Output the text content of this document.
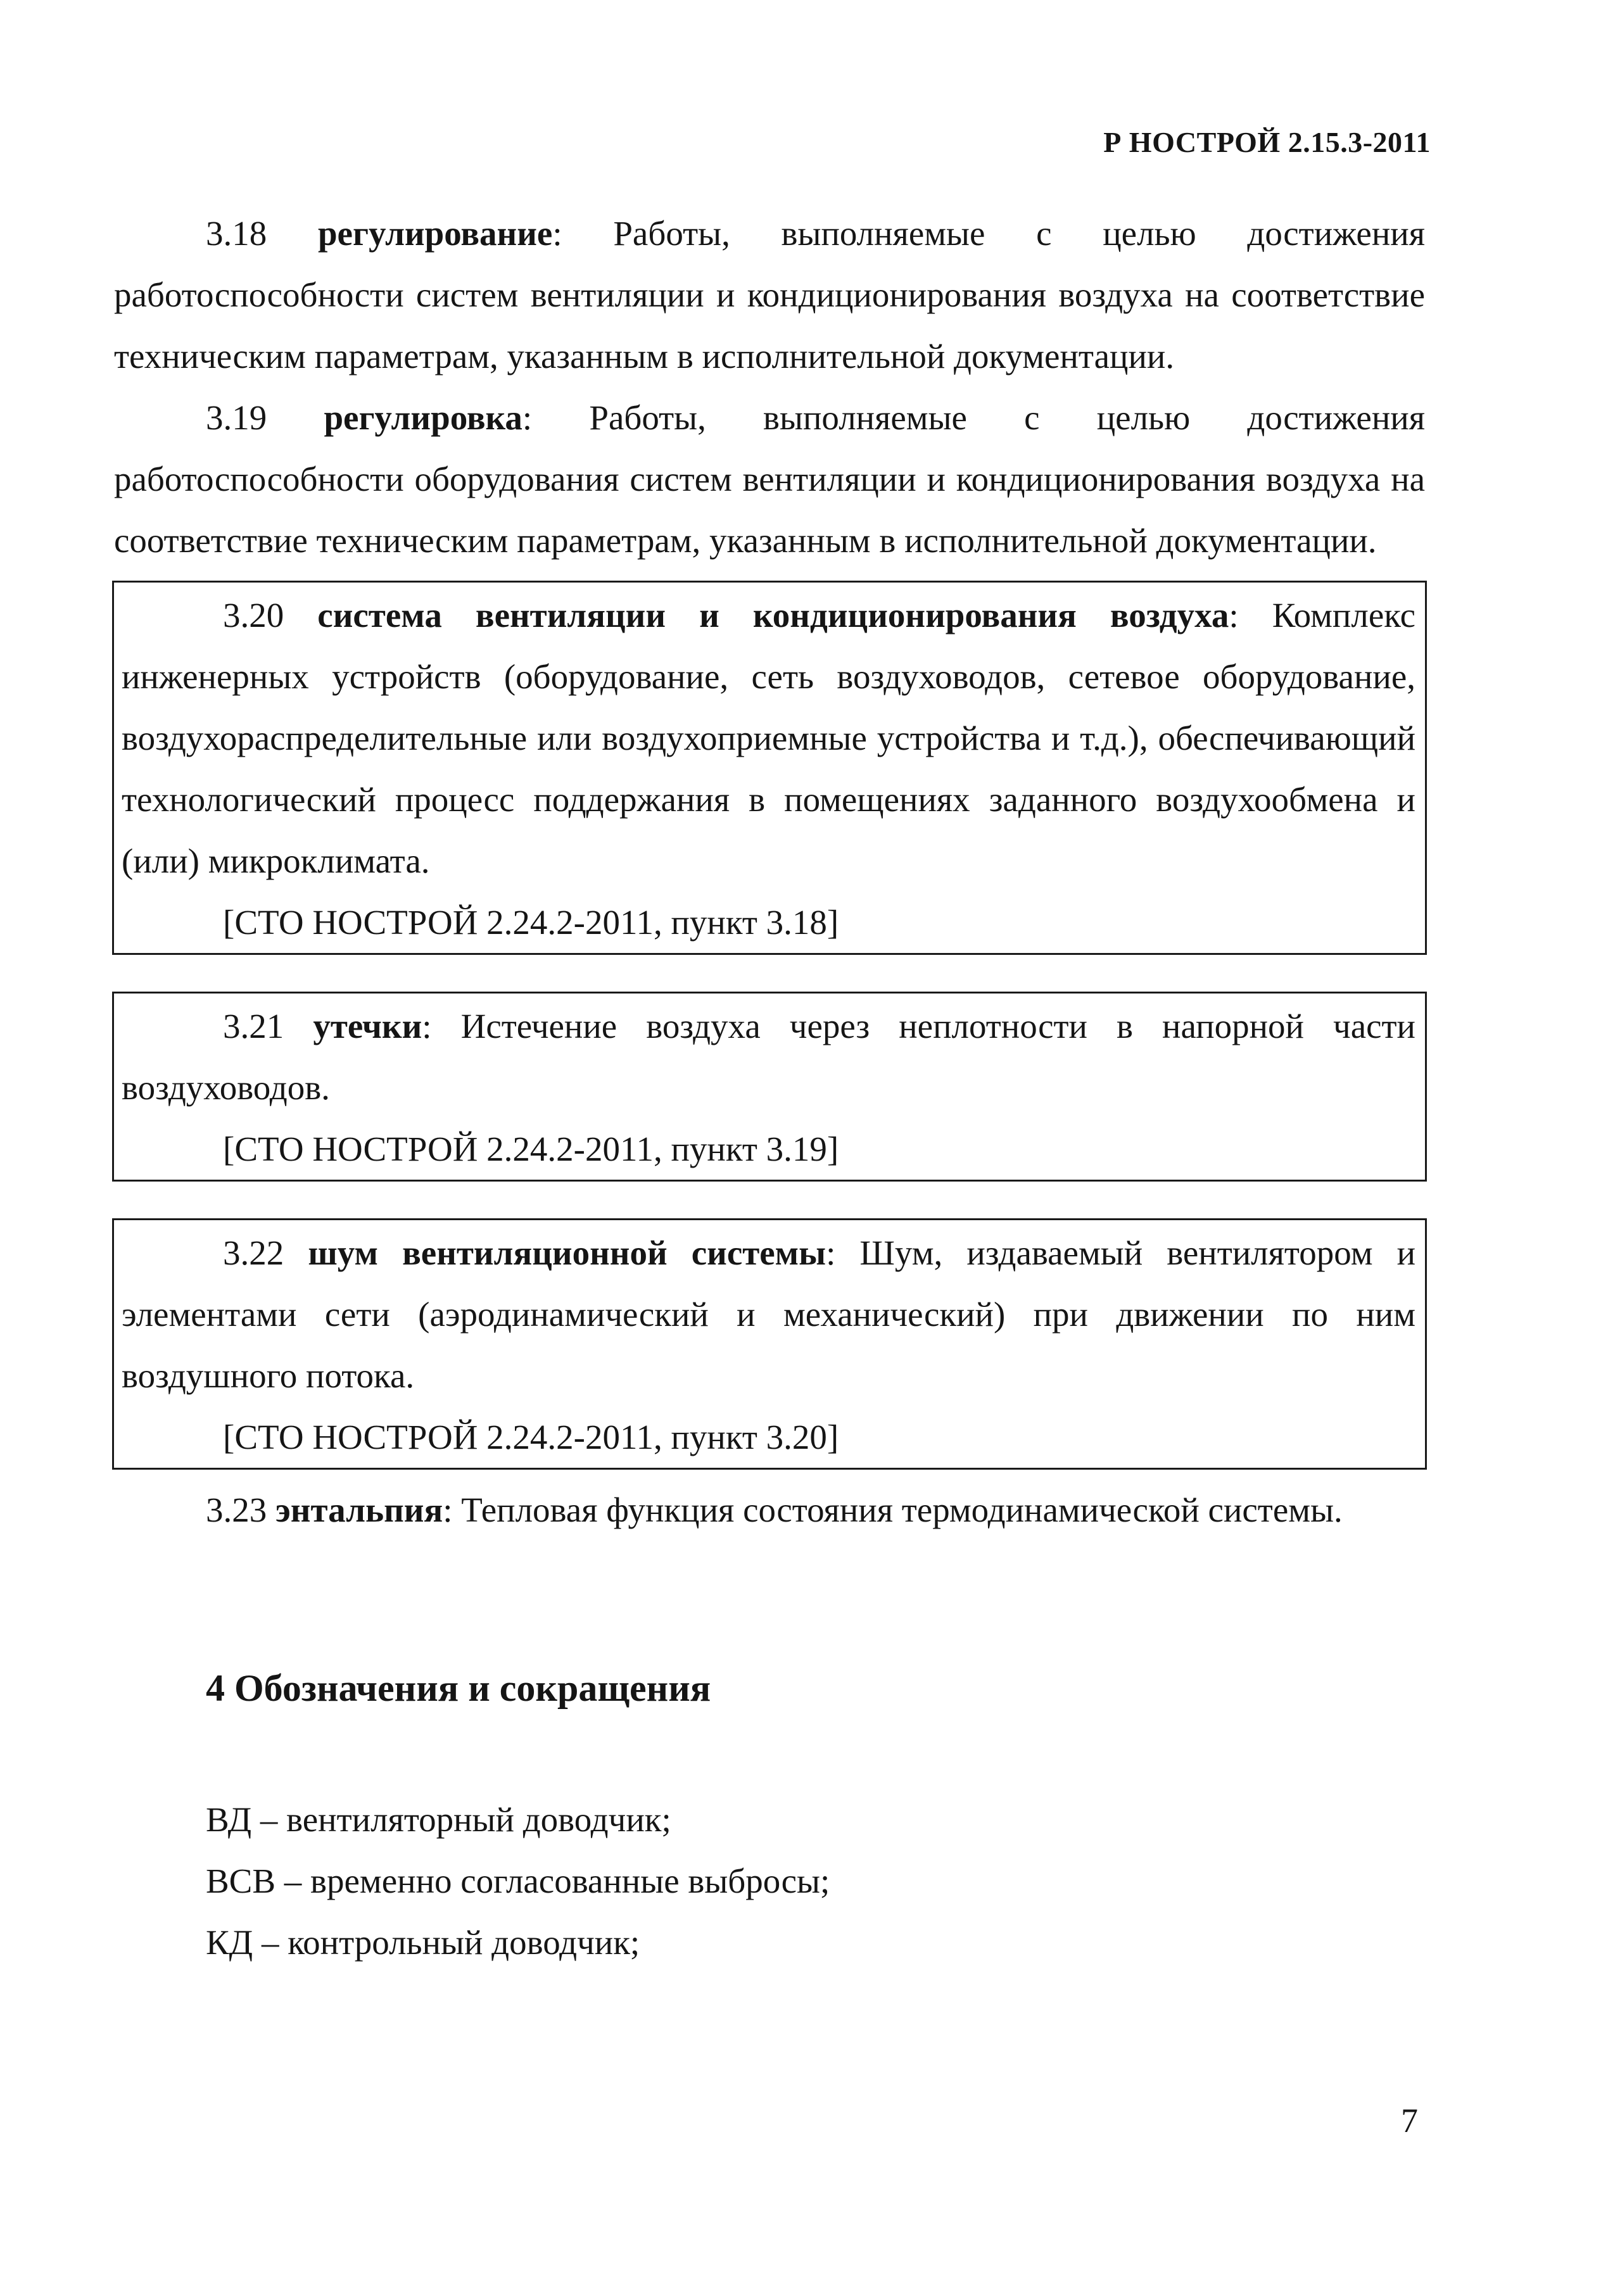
Р НОСТРОЙ 2.15.3-2011

3.18 регулирование: Работы, выполняемые с целью достижения работоспособности систем вентиляции и кондиционирования воздуха на соответствие техническим параметрам, указанным в исполнительной документации.

3.19 регулировка: Работы, выполняемые с целью достижения работоспособности оборудования систем вентиляции и кондиционирования воздуха на соответствие техническим параметрам, указанным в исполнительной документации.

3.20 система вентиляции и кондиционирования воздуха: Комплекс инженерных устройств (оборудование, сеть воздуховодов, сетевое оборудование, воздухораспределительные или воздухоприемные устройства и т.д.), обеспечивающий технологический процесс поддержания в помещениях заданного воздухообмена и (или) микроклимата.

[СТО НОСТРОЙ 2.24.2-2011, пункт 3.18]

3.21 утечки: Истечение воздуха через неплотности в напорной части воздуховодов.

[СТО НОСТРОЙ 2.24.2-2011, пункт 3.19]

3.22 шум вентиляционной системы: Шум, издаваемый вентилятором и элементами сети (аэродинамический и механический) при движении по ним воздушного потока.

[СТО НОСТРОЙ 2.24.2-2011, пункт 3.20]

3.23 энтальпия: Тепловая функция состояния термодинамической системы.

4 Обозначения и сокращения

ВД – вентиляторный доводчик;

ВСВ – временно согласованные выбросы;

КД – контрольный доводчик;

7
